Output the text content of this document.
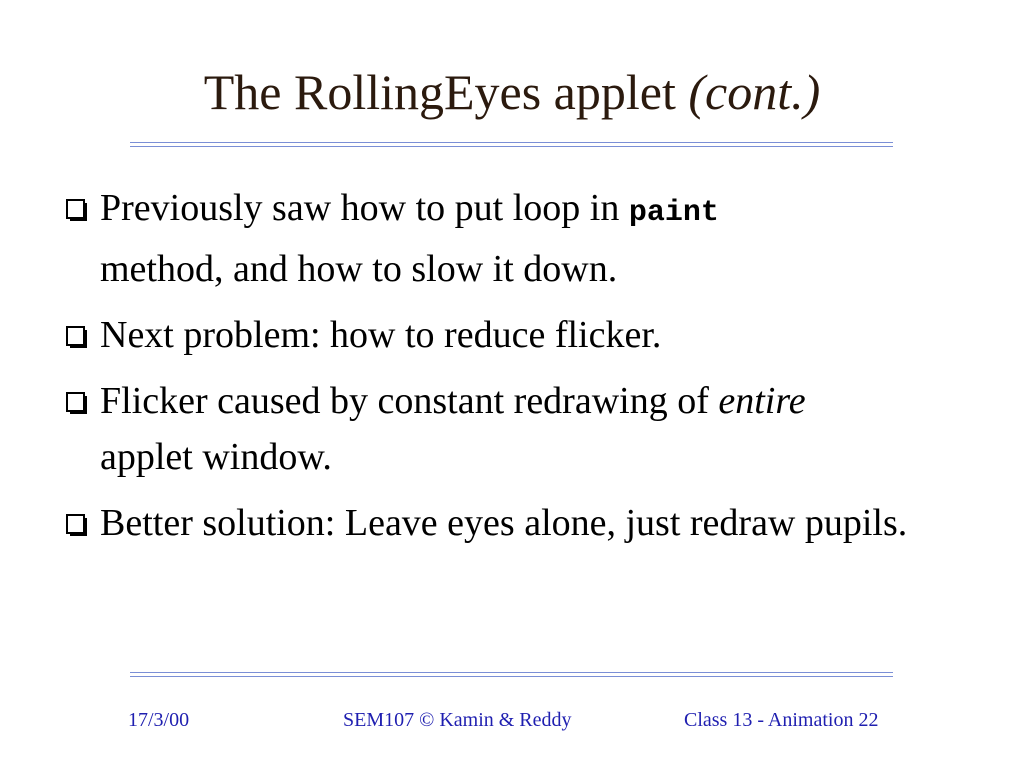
The RollingEyes applet (cont.)
Previously saw how to put loop in paint
method, and how to slow it down.
Next problem: how to reduce flicker.
Flicker caused by constant redrawing of entire
applet window.
Better solution: Leave eyes alone, just redraw pupils.
17/3/00	SEM107 © Kamin & Reddy	Class 13 - Animation 22
